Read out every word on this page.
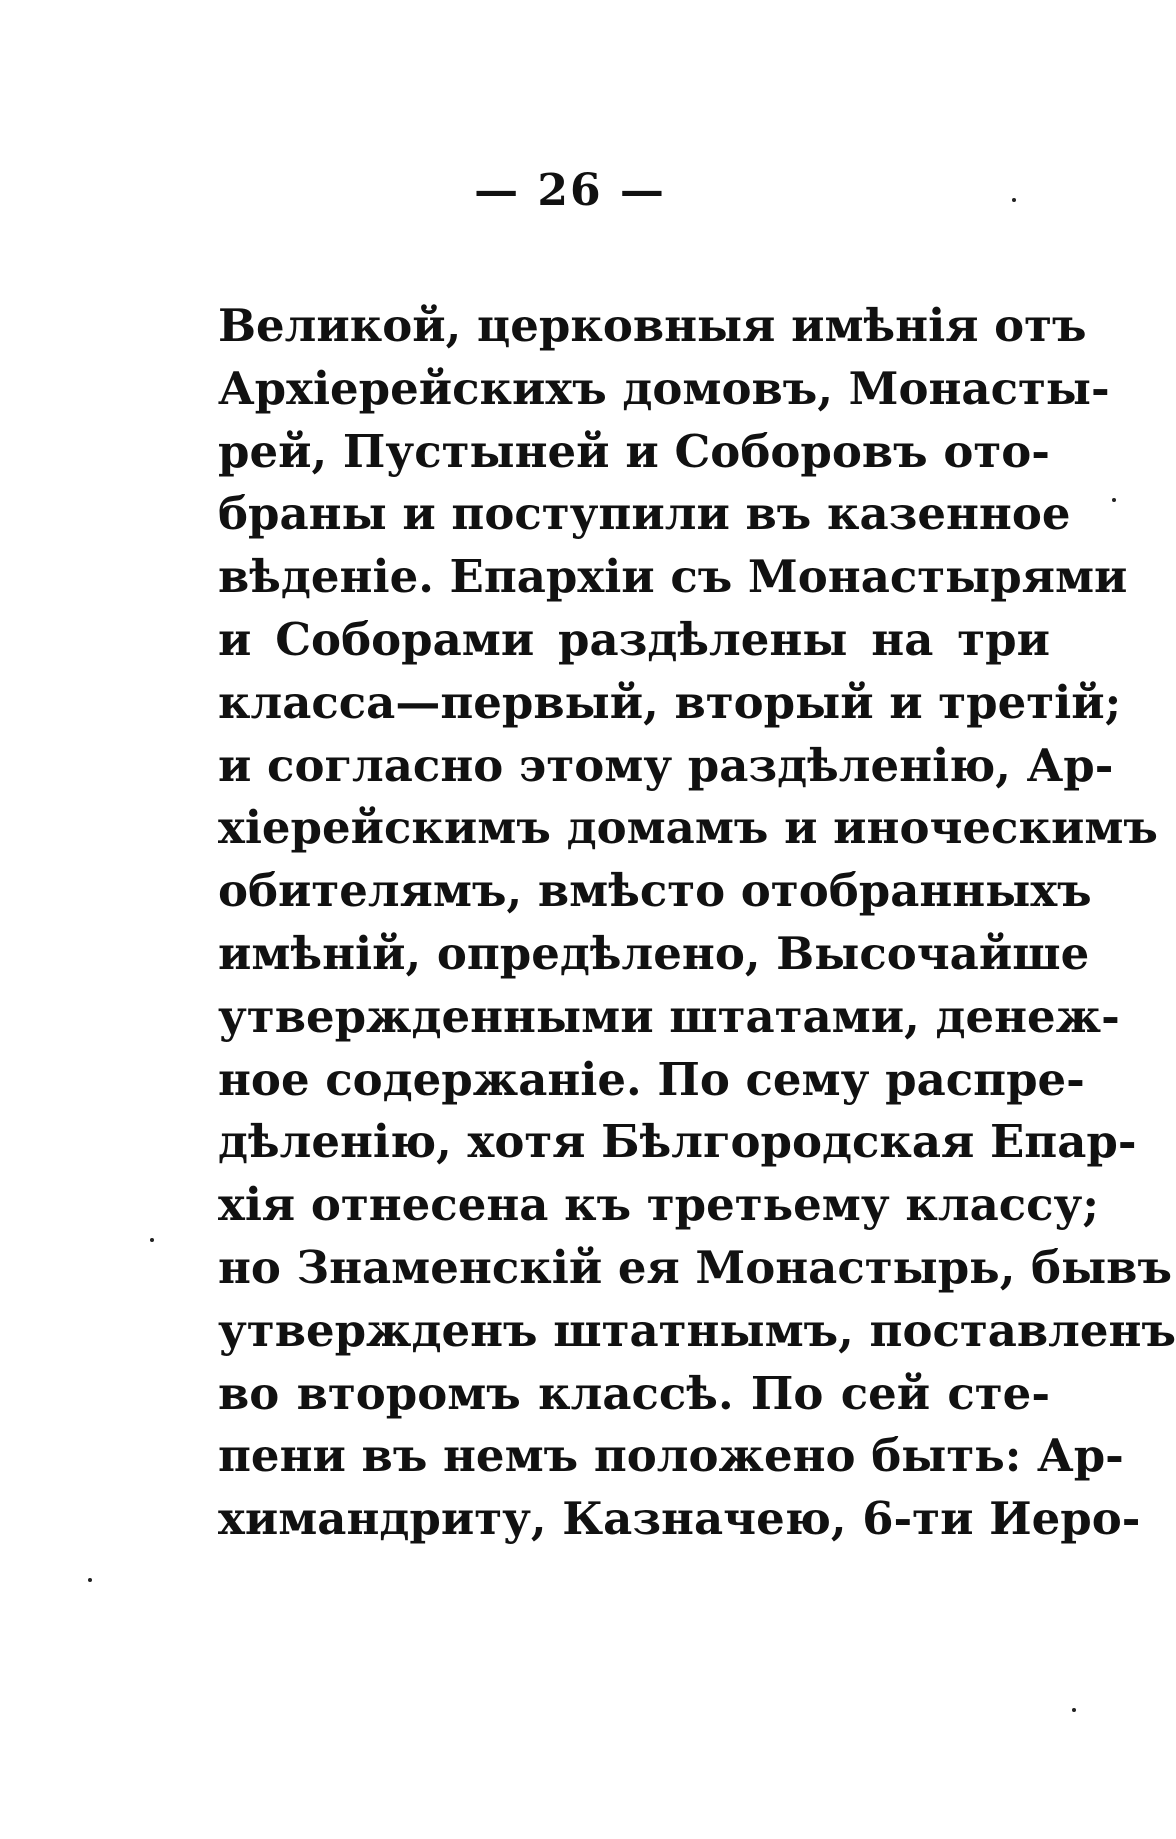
— 26 —
Великой, церковныя имѣнія отъ
Архіерейскихъ домовъ, Монасты-
рей, Пустыней и Соборовъ ото-
браны и поступили въ казенное
вѣденіе. Епархіи съ Монастырями
и Соборами раздѣлены на три
класса—первый, вторый и третій;
и согласно этому раздѣленію, Ар-
хіерейскимъ домамъ и иноческимъ
обителямъ, вмѣсто отобранныхъ
имѣній, опредѣлено, Высочайше
утвержденными штатами, денеж-
ное содержаніе. По сему распре-
дѣленію, хотя Бѣлгородская Епар-
хія отнесена къ третьему классу;
но Знаменскій ея Монастырь, бывъ
утвержденъ штатнымъ, поставленъ
во второмъ классѣ. По сей сте-
пени въ немъ положено быть: Ар-
химандриту, Казначею, 6-ти Иеро-
